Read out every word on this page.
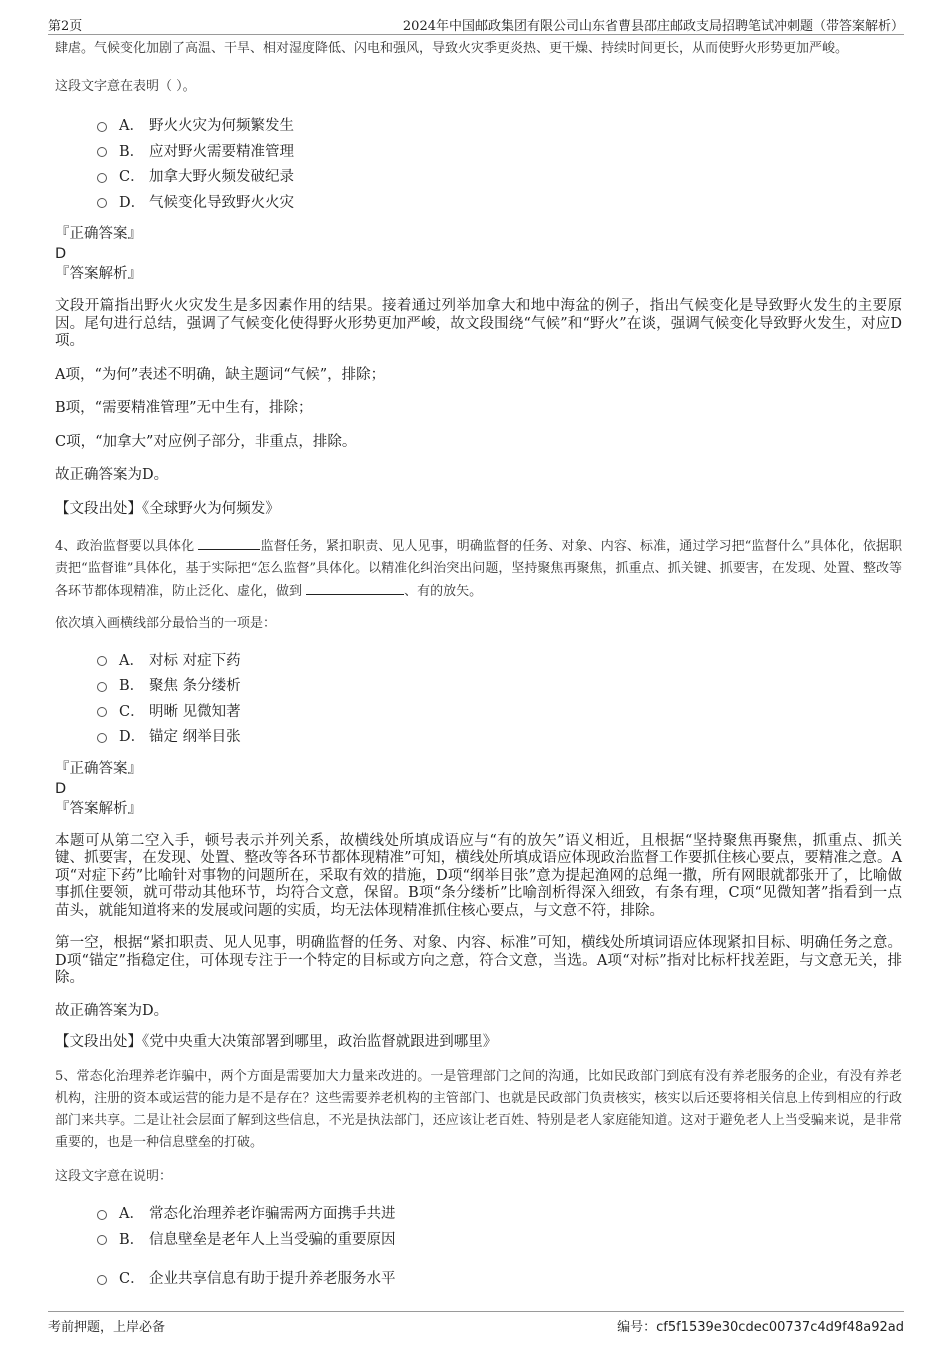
第2页	2024年中国邮政集团有限公司山东省曹县邵庄邮政支局招聘笔试冲刺题（带答案解析）

肆虐。气候变化加剧了高温、干旱、相对湿度降低、闪电和强风，导致火灾季更炎热、更干燥、持续时间更长，从而使野火形势更加严峻。

这段文字意在表明（ ）。

A． 野火火灾为何频繁发生
B． 应对野火需要精准管理
C． 加拿大野火频发破纪录
D． 气候变化导致野火火灾

『正确答案』

D

『答案解析』

文段开篇指出野火火灾发生是多因素作用的结果。接着通过列举加拿大和地中海盆的例子，指出气候变化是导致野火发生的主要原因。尾句进行总结，强调了气候变化使得野火形势更加严峻，故文段围绕“气候”和“野火”在谈，强调气候变化导致野火发生，对应D项。

A项，“为何”表述不明确，缺主题词“气候”，排除；

B项，“需要精准管理”无中生有，排除；

C项，“加拿大”对应例子部分，非重点，排除。

故正确答案为D。

【文段出处】《全球野火为何频发》

4、政治监督要以具体化	监督任务，紧扣职责、见人见事，明确监督的任务、对象、内容、标准，通过学习把“监督什么”具体化，依据职责把“监督谁”具体化，基于实际把“怎么监督”具体化。以精准化纠治突出问题，坚持聚焦再聚焦，抓重点、抓关键、抓要害，在发现、处置、整改等各环节都体现精准，防止泛化、虚化，做到	、有的放矢。

依次填入画横线部分最恰当的一项是：

A． 对标 对症下药
B． 聚焦 条分缕析
C． 明晰 见微知著
D． 锚定 纲举目张

『正确答案』

D

『答案解析』

本题可从第二空入手，顿号表示并列关系，故横线处所填成语应与“有的放矢”语义相近，且根据“坚持聚焦再聚焦，抓重点、抓关键、抓要害，在发现、处置、整改等各环节都体现精准”可知，横线处所填成语应体现政治监督工作要抓住核心要点，要精准之意。A项“对症下药”比喻针对事物的问题所在，采取有效的措施，D项“纲举目张”意为提起渔网的总绳一撒，所有网眼就都张开了，比喻做事抓住要领，就可带动其他环节，均符合文意，保留。B项“条分缕析”比喻剖析得深入细致，有条有理，C项“见微知著”指看到一点苗头，就能知道将来的发展或问题的实质，均无法体现精准抓住核心要点，与文意不符，排除。

第一空，根据“紧扣职责、见人见事，明确监督的任务、对象、内容、标准”可知，横线处所填词语应体现紧扣目标、明确任务之意。D项“锚定”指稳定住，可体现专注于一个特定的目标或方向之意，符合文意，当选。A项“对标”指对比标杆找差距，与文意无关，排除。

故正确答案为D。

【文段出处】《党中央重大决策部署到哪里，政治监督就跟进到哪里》

5、常态化治理养老诈骗中，两个方面是需要加大力量来改进的。一是管理部门之间的沟通，比如民政部门到底有没有养老服务的企业，有没有养老机构，注册的资本或运营的能力是不是存在？这些需要养老机构的主管部门、也就是民政部门负责核实，核实以后还要将相关信息上传到相应的行政部门来共享。二是让社会层面了解到这些信息，不光是执法部门，还应该让老百姓、特别是老人家庭能知道。这对于避免老人上当受骗来说，是非常重要的，也是一种信息壁垒的打破。

这段文字意在说明：

A． 常态化治理养老诈骗需两方面携手共进
B． 信息壁垒是老年人上当受骗的重要原因
C． 企业共享信息有助于提升养老服务水平
考前押题，上岸必备	编号：cf5f1539e30cdec00737c4d9f48a92ad
